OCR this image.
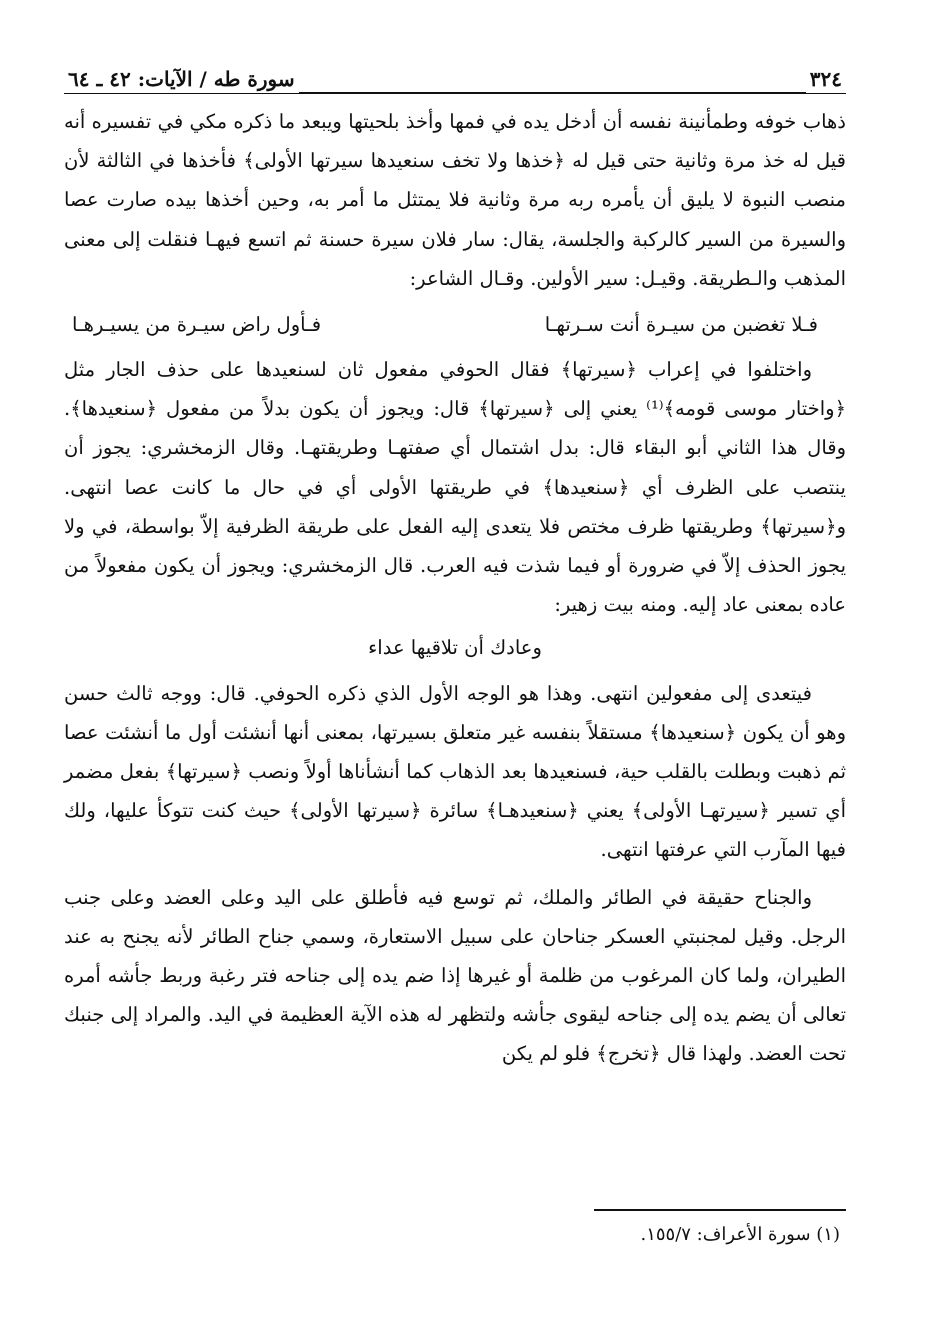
٣٢٤
سورة طه / الآيات: ٤٢ ـ ٦٤

ذهاب خوفه وطمأنينة نفسه أن أدخل يده في فمها وأخذ بلحيتها ويبعد ما ذكره مكي في تفسيره أنه قيل له خذ مرة وثانية حتى قيل له ﴿خذها ولا تخف سنعيدها سيرتها الأولى﴾ فأخذها في الثالثة لأن منصب النبوة لا يليق أن يأمره ربه مرة وثانية فلا يمتثل ما أمر به، وحين أخذها بيده صارت عصا والسيرة من السير كالركبة والجلسة، يقال: سار فلان سيرة حسنة ثم اتسع فيهـا فنقلت إلى معنى المذهب والـطريقة. وقيـل: سير الأولين. وقـال الشاعر:

فـلا تغضبن من سيـرة أنت سـرتهـا
فـأول راض سيـرة من يسيـرهـا

واختلفوا في إعراب ﴿سيرتها﴾ فقال الحوفي مفعول ثان لسنعيدها على حذف الجار مثل ﴿واختار موسى قومه﴾⁽¹⁾ يعني إلى ﴿سيرتها﴾ قال: ويجوز أن يكون بدلاً من مفعول ﴿سنعيدها﴾. وقال هذا الثاني أبو البقاء قال: بدل اشتمال أي صفتهـا وطريقتهـا. وقال الزمخشري: يجوز أن ينتصب على الظرف أي ﴿سنعيدها﴾ في طريقتها الأولى أي في حال ما كانت عصا انتهى. و﴿سيرتها﴾ وطريقتها ظرف مختص فلا يتعدى إليه الفعل على طريقة الظرفية إلاّ بواسطة، في ولا يجوز الحذف إلاّ في ضرورة أو فيما شذت فيه العرب. قال الزمخشري: ويجوز أن يكون مفعولاً من عاده بمعنى عاد إليه. ومنه بيت زهير:

وعادك أن تلاقيها عداء

فيتعدى إلى مفعولين انتهى. وهذا هو الوجه الأول الذي ذكره الحوفي. قال: ووجه ثالث حسن وهو أن يكون ﴿سنعيدها﴾ مستقلاً بنفسه غير متعلق بسيرتها، بمعنى أنها أنشئت أول ما أنشئت عصا ثم ذهبت وبطلت بالقلب حية، فسنعيدها بعد الذهاب كما أنشأناها أولاً ونصب ﴿سيرتها﴾ بفعل مضمر أي تسير ﴿سيرتهـا الأولى﴾ يعني ﴿سنعيدهـا﴾ سائرة ﴿سيرتها الأولى﴾ حيث كنت تتوكأ عليها، ولك فيها المآرب التي عرفتها انتهى.

والجناح حقيقة في الطائر والملك، ثم توسع فيه فأطلق على اليد وعلى العضد وعلى جنب الرجل. وقيل لمجنبتي العسكر جناحان على سبيل الاستعارة، وسمي جناح الطائر لأنه يجنح به عند الطيران، ولما كان المرغوب من ظلمة أو غيرها إذا ضم يده إلى جناحه فتر رغبة وربط جأشه أمره تعالى أن يضم يده إلى جناحه ليقوى جأشه ولتظهر له هذه الآية العظيمة في اليد. والمراد إلى جنبك تحت العضد. ولهذا قال ﴿تخرج﴾ فلو لم يكن

(١) سورة الأعراف: ١٥٥/٧.
